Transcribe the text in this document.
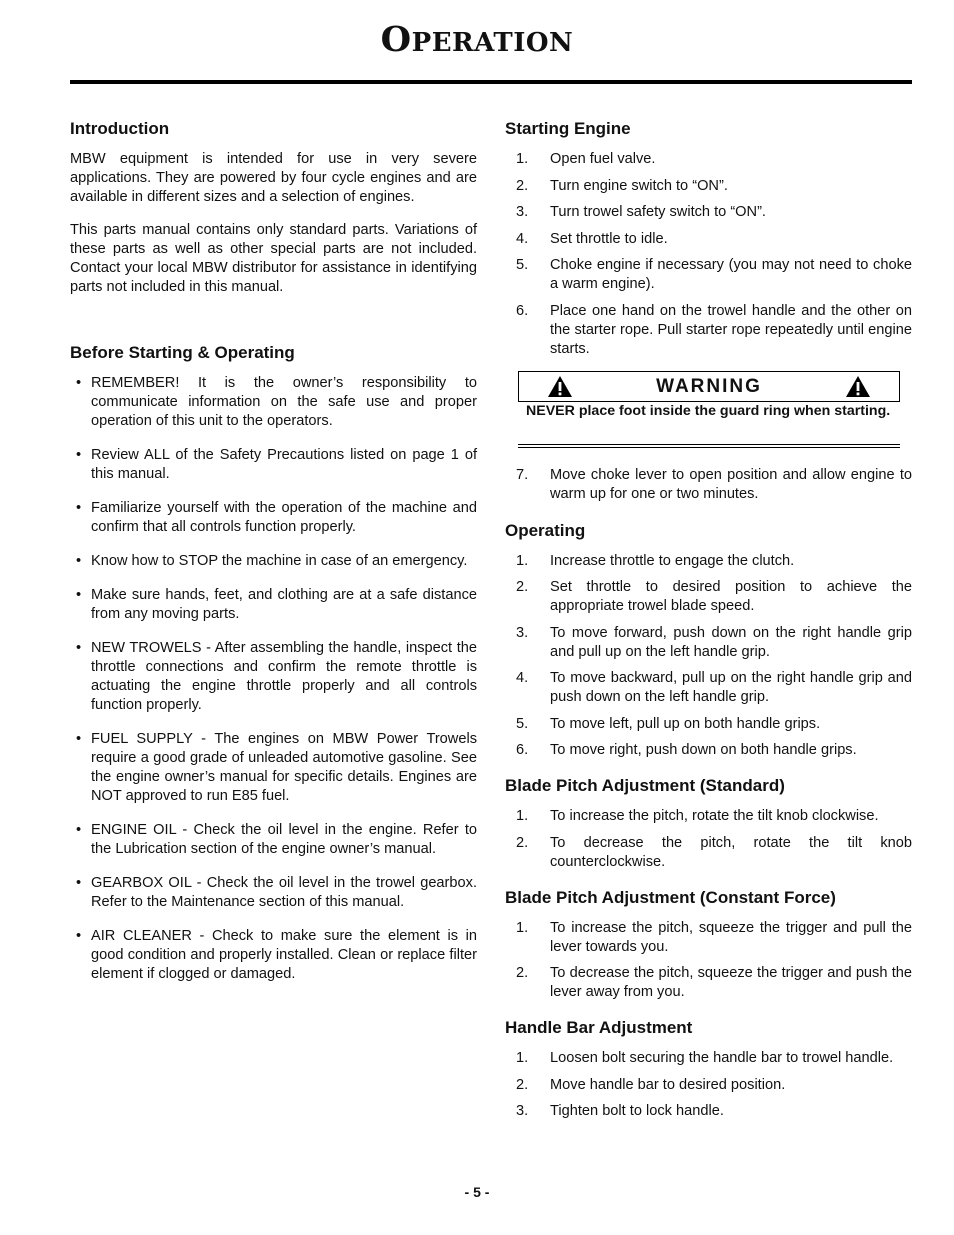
OPERATION
Introduction

MBW equipment is intended for use in very severe applications. They are powered by four cycle engines and are available in different sizes and a selection of engines.

This parts manual contains only standard parts. Variations of these parts as well as other special parts are not included. Contact your local MBW distributor for assistance in identifying parts not included in this manual.

Before Starting & Operating
• REMEMBER! It is the owner’s responsibility to communicate information on the safe use and proper operation of this unit to the operators.
• Review ALL of the Safety Precautions listed on page 1 of this manual.
• Familiarize yourself with the operation of the machine and confirm that all controls function properly.
• Know how to STOP the machine in case of an emergency.
• Make sure hands, feet, and clothing are at a safe distance from any moving parts.
• NEW TROWELS - After assembling the handle, inspect the throttle connections and confirm the remote throttle is actuating the engine throttle properly and all controls function properly.
• FUEL SUPPLY - The engines on MBW Power Trowels require a good grade of unleaded automotive gasoline. See the engine owner’s manual for specific details. Engines are NOT approved to run E85 fuel.
• ENGINE OIL - Check the oil level in the engine. Refer to the Lubrication section of the engine owner’s manual.
• GEARBOX OIL - Check the oil level in the trowel gearbox. Refer to the Maintenance section of this manual.
• AIR CLEANER - Check to make sure the element is in good condition and properly installed. Clean or replace filter element if clogged or damaged.
Starting Engine
1.	Open fuel valve.
2.	Turn engine switch to “ON”.
3.	Turn trowel safety switch to “ON”.
4.	Set throttle to idle.
5.	Choke engine if necessary (you may not need to choke a warm engine).
6.	Place one hand on the trowel handle and the other on the starter rope. Pull starter rope repeatedly until engine starts.
WARNING
NEVER place foot inside the guard ring when starting.
7.	Move choke lever to open position and allow engine to warm up for one or two minutes.
Operating
1.	Increase throttle to engage the clutch.
2.	Set throttle to desired position to achieve the appropriate trowel blade speed.
3.	To move forward, push down on the right handle grip and pull up on the left handle grip.
4.	To move backward, pull up on the right handle grip and push down on the left handle grip.
5.	To move left, pull up on both handle grips.
6.	To move right, push down on both handle grips.
Blade Pitch Adjustment (Standard)
1.	To increase the pitch, rotate the tilt knob clockwise.
2.	To decrease the pitch, rotate the tilt knob counterclockwise.
Blade Pitch Adjustment (Constant Force)
1.	To increase the pitch, squeeze the trigger and pull the lever towards you.
2.	To decrease the pitch, squeeze the trigger and push the lever away from you.
Handle Bar Adjustment
1.	Loosen bolt securing the handle bar to trowel handle.
2.	Move handle bar to desired position.
3.	Tighten bolt to lock handle.
- 5 -
